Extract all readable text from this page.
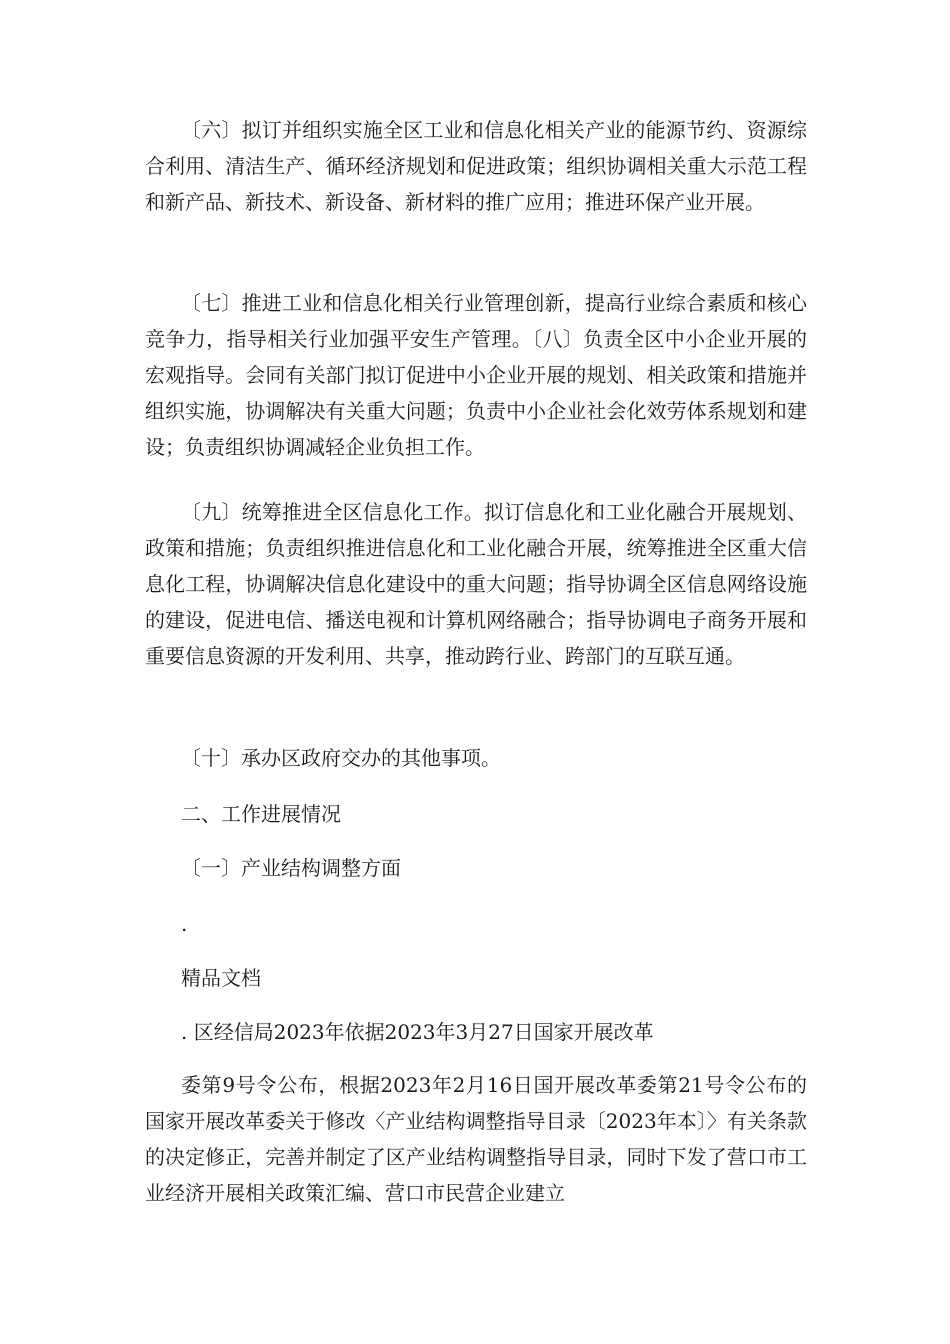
〔六〕拟订并组织实施全区工业和信息化相关产业的能源节约、资源综合利用、清洁生产、循环经济规划和促进政策；组织协调相关重大示范工程和新产品、新技术、新设备、新材料的推广应用；推进环保产业开展。

〔七〕推进工业和信息化相关行业管理创新，提高行业综合素质和核心竞争力，指导相关行业加强平安生产管理。〔八〕负责全区中小企业开展的宏观指导。会同有关部门拟订促进中小企业开展的规划、相关政策和措施并组织实施，协调解决有关重大问题；负责中小企业社会化效劳体系规划和建设；负责组织协调减轻企业负担工作。

〔九〕统筹推进全区信息化工作。拟订信息化和工业化融合开展规划、政策和措施；负责组织推进信息化和工业化融合开展，统筹推进全区重大信息化工程，协调解决信息化建设中的重大问题；指导协调全区信息网络设施的建设，促进电信、播送电视和计算机网络融合；指导协调电子商务开展和重要信息资源的开发利用、共享，推动跨行业、跨部门的互联互通。

〔十〕承办区政府交办的其他事项。

二、工作进展情况

〔一〕产业结构调整方面

.

精品文档

. 区经信局2023年依据2023年3月27日国家开展改革

委第9号令公布，根据2023年2月16日国开展改革委第21号令公布的国家开展改革委关于修改〈产业结构调整指导目录〔2023年本〕〉有关条款的决定修正，完善并制定了区产业结构调整指导目录，同时下发了营口市工业经济开展相关政策汇编、营口市民营企业建立
